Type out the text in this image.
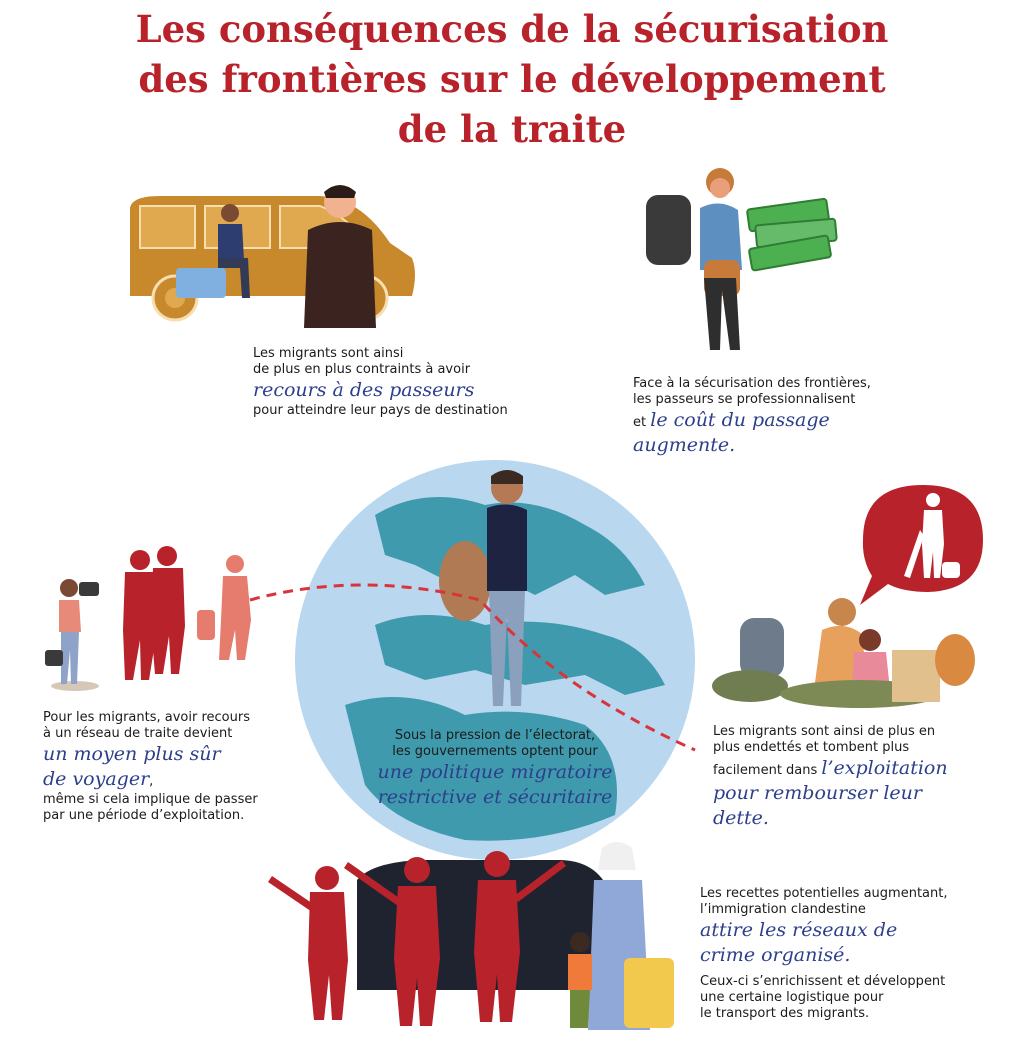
Les conséquences de la sécurisation
des frontières sur le développement
de la traite
Les migrants sont ainsi
de plus en plus contraints à avoir
recours à des passeurs
pour atteindre leur pays de destination
Face à la sécurisation des frontières,
les passeurs se professionnalisent
et le coût du passage
augmente.
Pour les migrants, avoir recours
à un réseau de traite devient
un moyen plus sûr
de voyager,
même si cela implique de passer
par une période d’exploitation.
Sous la pression de l’électorat,
les gouvernements optent pour
une politique migratoire
restrictive et sécuritaire
Les migrants sont ainsi de plus en
plus endettés et tombent plus
facilement dans l’exploitation
pour rembourser leur
dette.
Les recettes potentielles augmentant,
l’immigration clandestine
attire les réseaux de
crime organisé.
Ceux-ci s’enrichissent et développent
une certaine logistique pour
le transport des migrants.
